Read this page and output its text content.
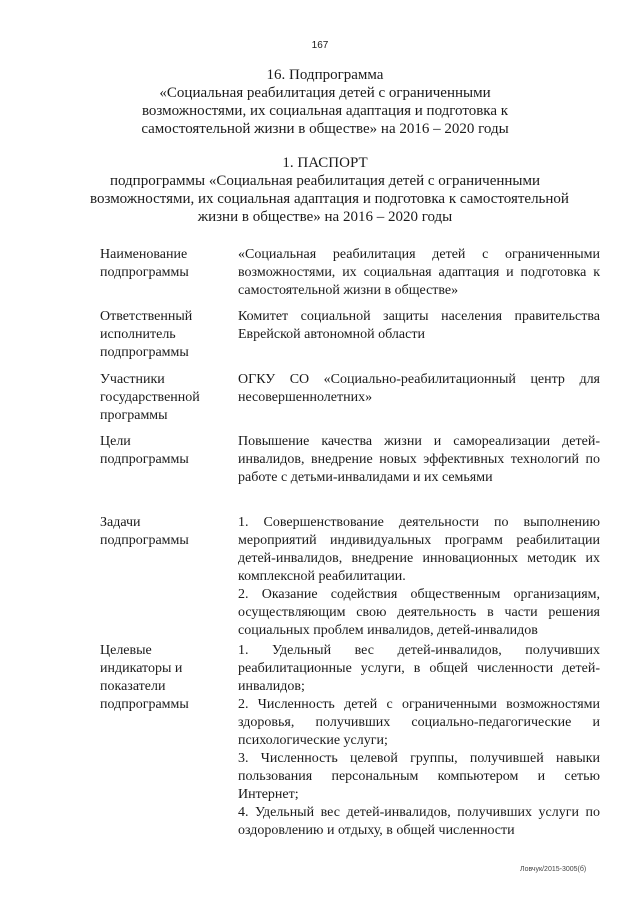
167
16. Подпрограмма
«Социальная реабилитация детей с ограниченными
возможностями, их социальная адаптация и подготовка к
самостоятельной жизни в обществе» на 2016 – 2020 годы
1. ПАСПОРТ
подпрограммы «Социальная реабилитация детей с ограниченными
возможностями, их социальная адаптация и подготовка к самостоятельной
жизни в обществе» на 2016 – 2020 годы
Наименование
подпрограммы

«Социальная реабилитация детей с ограниченными возможностями, их социальная адаптация и подготовка к самостоятельной жизни в обществе»

Ответственный
исполнитель
подпрограммы

Комитет социальной защиты населения правительства Еврейской автономной области

Участники
государственной
программы

ОГКУ СО «Социально-реабилитационный центр для несовершеннолетних»

Цели
подпрограммы

Повышение качества жизни и самореализации детей-инвалидов, внедрение новых эффективных технологий по работе с детьми-инвалидами и их семьями

Задачи
подпрограммы

1. Совершенствование деятельности по выполнению мероприятий индивидуальных программ реабилитации детей-инвалидов, внедрение инновационных методик их комплексной реабилитации.

2. Оказание содействия общественным организациям, осуществляющим свою деятельность в части решения социальных проблем инвалидов, детей-инвалидов

Целевые
индикаторы и
показатели
подпрограммы

1. Удельный вес детей-инвалидов, получивших реабилитационные услуги, в общей численности детей-инвалидов;

2. Численность детей с ограниченными возможностями здоровья, получивших социально-педагогические и психологические услуги;

3. Численность целевой группы, получившей навыки пользования персональным компьютером и сетью Интернет;

4. Удельный вес детей-инвалидов, получивших услуги по оздоровлению и отдыху, в общей численности

Ловчук/2015-3005(б)
